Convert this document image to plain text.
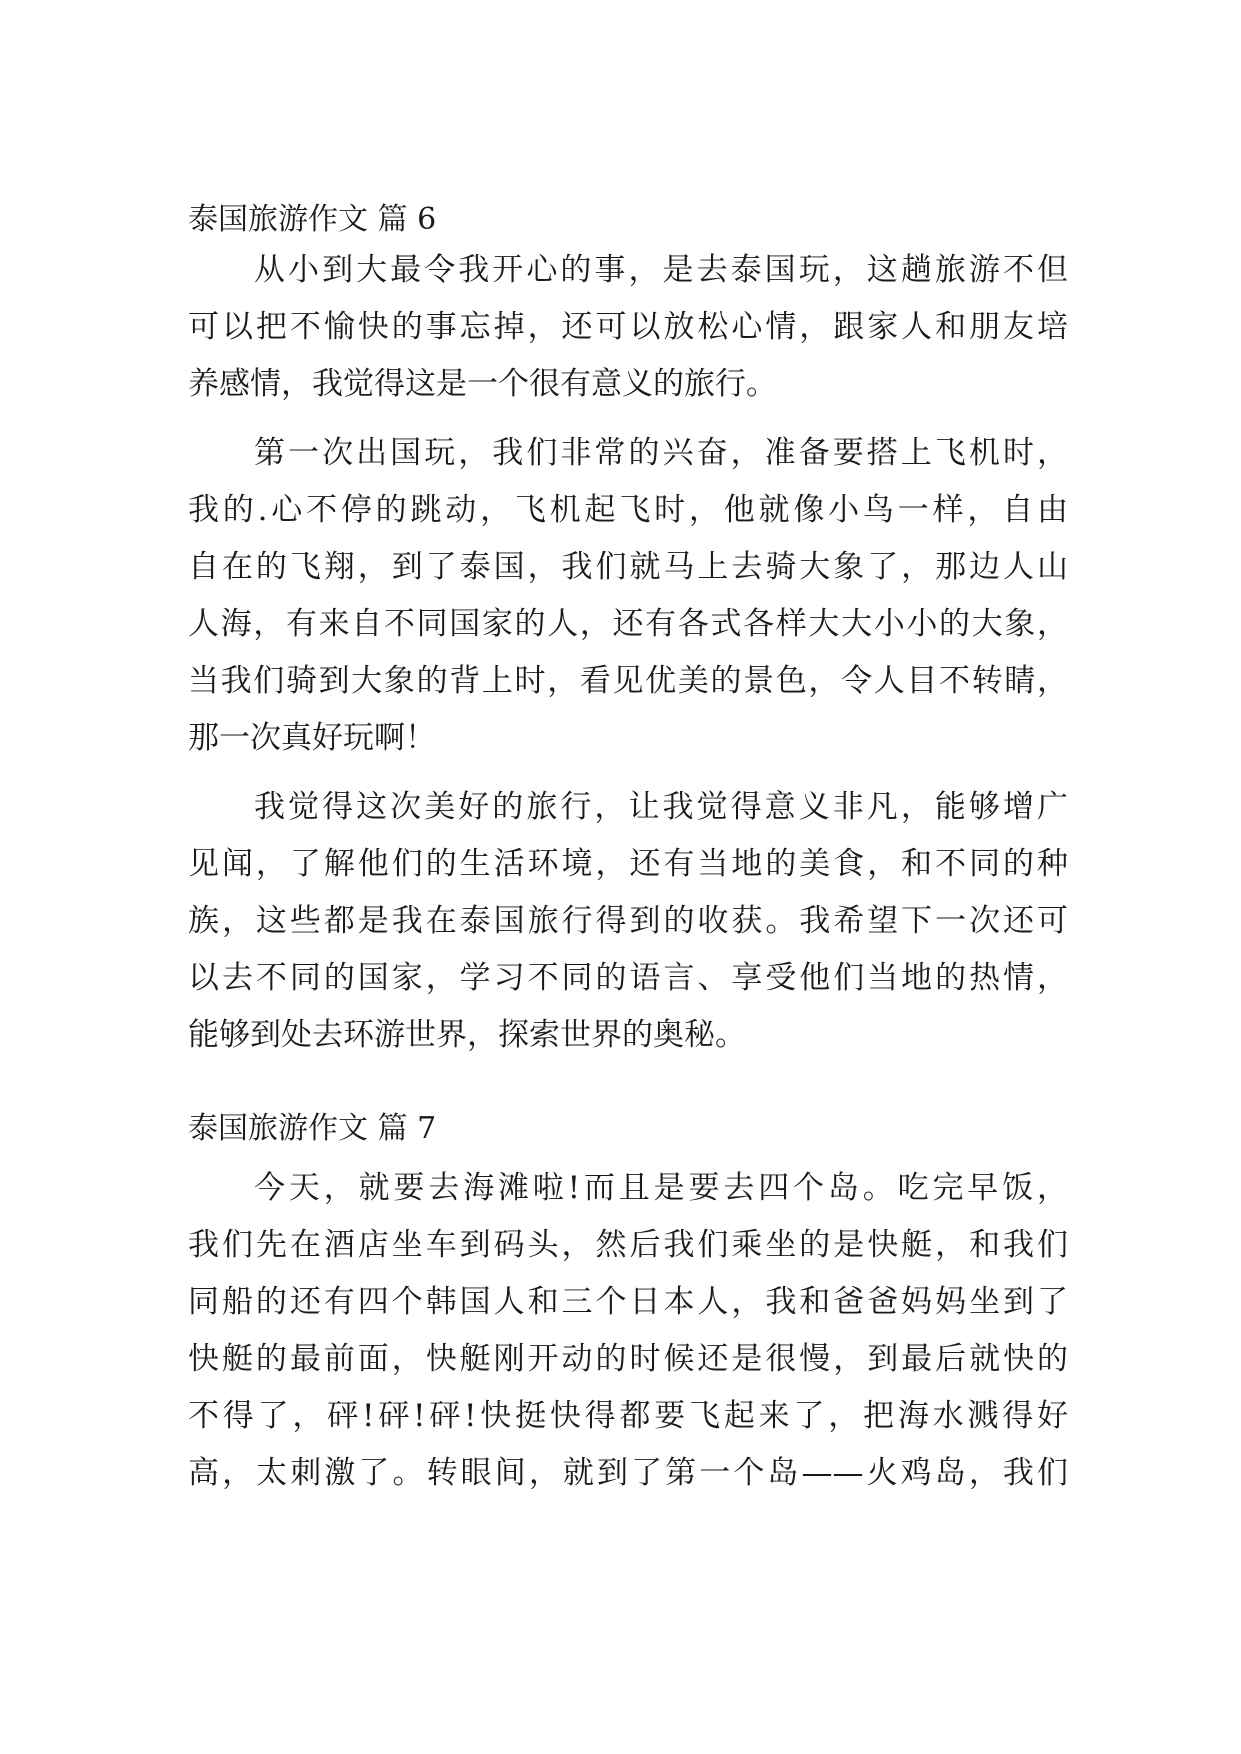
泰国旅游作文 篇 6
从小到大最令我开心的事，是去泰国玩，这趟旅游不但
可以把不愉快的事忘掉，还可以放松心情，跟家人和朋友培
养感情，我觉得这是一个很有意义的旅行。
第一次出国玩，我们非常的兴奋，准备要搭上飞机时，
我的.心不停的跳动，飞机起飞时，他就像小鸟一样，自由
自在的飞翔，到了泰国，我们就马上去骑大象了，那边人山
人海，有来自不同国家的人，还有各式各样大大小小的大象，
当我们骑到大象的背上时，看见优美的景色，令人目不转睛，
那一次真好玩啊！
我觉得这次美好的旅行，让我觉得意义非凡，能够增广
见闻，了解他们的生活环境，还有当地的美食，和不同的种
族，这些都是我在泰国旅行得到的收获。我希望下一次还可
以去不同的国家，学习不同的语言、享受他们当地的热情，
能够到处去环游世界，探索世界的奥秘。
泰国旅游作文 篇 7
今天，就要去海滩啦!而且是要去四个岛。吃完早饭，
我们先在酒店坐车到码头，然后我们乘坐的是快艇，和我们
同船的还有四个韩国人和三个日本人，我和爸爸妈妈坐到了
快艇的最前面，快艇刚开动的时候还是很慢，到最后就快的
不得了，砰!砰!砰!快挺快得都要飞起来了，把海水溅得好
高，太刺激了。转眼间，就到了第一个岛——火鸡岛，我们
